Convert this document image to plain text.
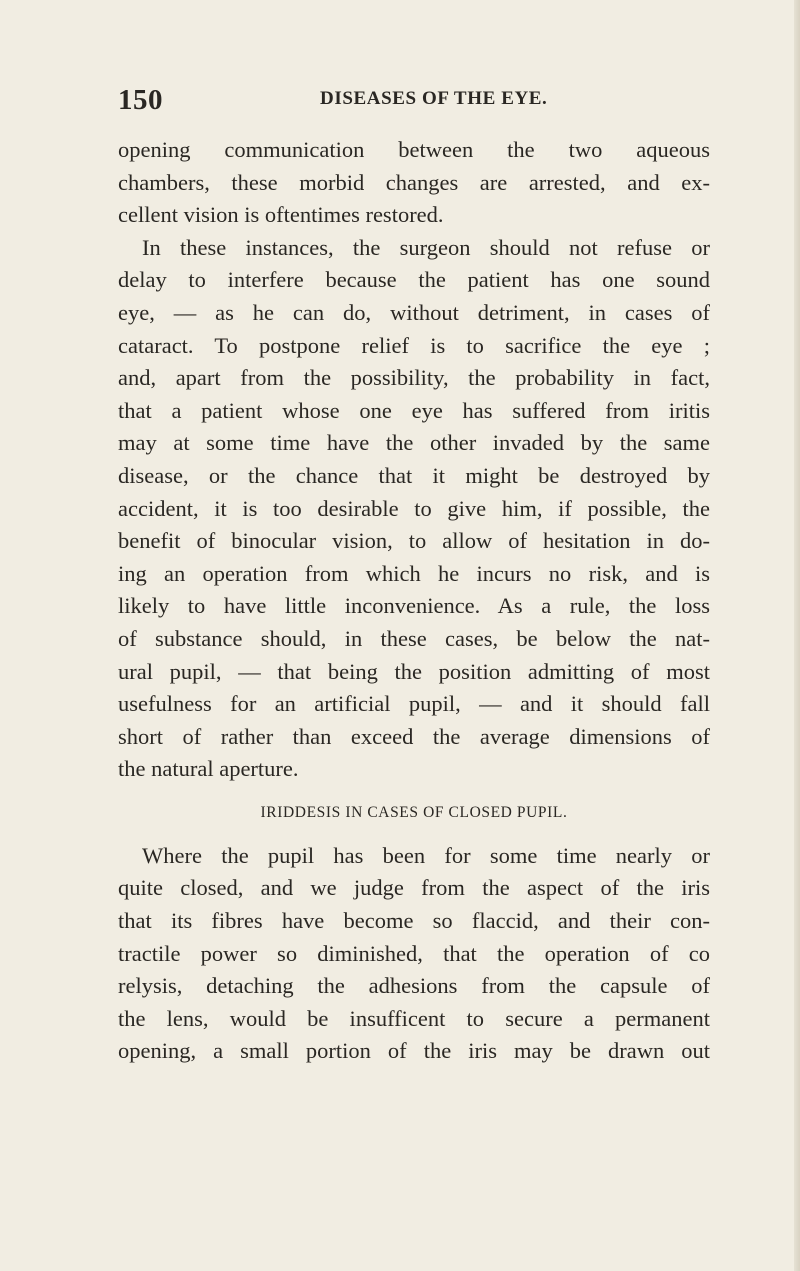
150	DISEASES OF THE EYE.
opening communication between the two aqueous
chambers, these morbid changes are arrested, and ex-
cellent vision is oftentimes restored.
In these instances, the surgeon should not refuse or
delay to interfere because the patient has one sound
eye, — as he can do, without detriment, in cases of
cataract. To postpone relief is to sacrifice the eye ;
and, apart from the possibility, the probability in fact,
that a patient whose one eye has suffered from iritis
may at some time have the other invaded by the same
disease, or the chance that it might be destroyed by
accident, it is too desirable to give him, if possible, the
benefit of binocular vision, to allow of hesitation in do-
ing an operation from which he incurs no risk, and is
likely to have little inconvenience. As a rule, the loss
of substance should, in these cases, be below the nat-
ural pupil, — that being the position admitting of most
usefulness for an artificial pupil, — and it should fall
short of rather than exceed the average dimensions of
the natural aperture.
IRIDDESIS IN CASES OF CLOSED PUPIL.
Where the pupil has been for some time nearly or
quite closed, and we judge from the aspect of the iris
that its fibres have become so flaccid, and their con-
tractile power so diminished, that the operation of co
relysis, detaching the adhesions from the capsule of
the lens, would be insufficent to secure a permanent
opening, a small portion of the iris may be drawn out
